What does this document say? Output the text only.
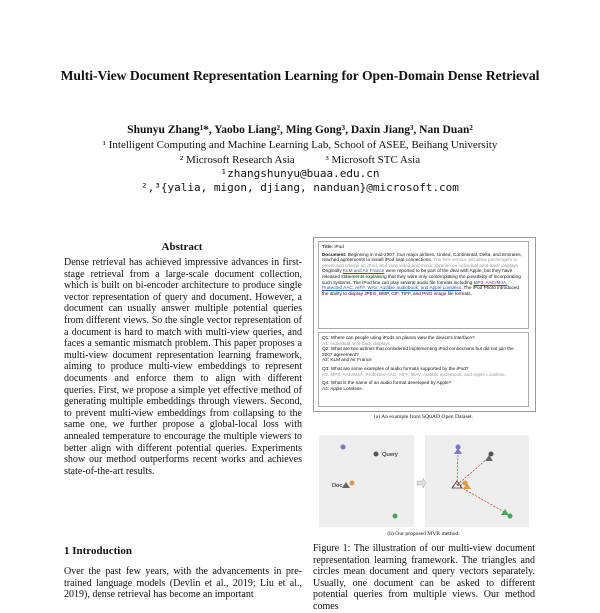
Multi-View Document Representation Learning for Open-Domain Dense Retrieval
Shunyu Zhang¹*, Yaobo Liang², Ming Gong³, Daxin Jiang³, Nan Duan²
¹ Intelligent Computing and Machine Learning Lab, School of ASEE, Beihang University
² Microsoft Research Asia	³ Microsoft STC Asia
¹zhangshunyu@buaa.edu.cn
²,³{yalia, migon, djiang, nanduan}@microsoft.com
Abstract
Dense retrieval has achieved impressive advances in first-stage retrieval from a large-scale document collection, which is built on bi-encoder architecture to produce single vector representation of query and document. However, a document can usually answer multiple potential queries from different views. So the single vector representation of a document is hard to match with multi-view queries, and faces a semantic mismatch problem. This paper proposes a multi-view document representation learning framework, aiming to produce multi-view embeddings to represent documents and enforce them to align with different queries. First, we propose a simple yet effective method of generating multiple embeddings through viewers. Second, to prevent multi-view embeddings from collapsing to the same one, we further propose a global-local loss with annealed temperature to encourage the multiple viewers to better align with different potential queries. Experiments show our method outperforms recent works and achieves state-of-the-art results.
1 Introduction
Over the past few years, with the advancements in pre-trained language models (Devlin et al., 2019; Liu et al., 2019), dense retrieval has become an important
Title: iPod
Document: Beginning in mid-2007, four major airlines, United, Continental, Delta, and Emirates, reached agreements to install iPod seat connections. The free service will allow passengers to power and charge an iPod, and view video and music libraries on individual seat-back displays. Originally KLM and Air France were reported to be part of the deal with Apple, but they have released statements explaining that they were only contemplating the possibility of incorporating such systems. The iPod line can play several audio file formats including MP3, AAC/M4A, Protected AAC, AIFF, WAV, Audible audiobook, and Apple Lossless. The iPod Photo introduced the ability to display JPEG, BMP, GIF, TIFF, and PNG image file formats.
Q1: Where can people using iPods on planes view the device's interface?
A1: Individual seat-back displays
Q2: What are two airlines that considered implementing iPod connections but did not join the 2007 agreement?
A2: KLM and Air France
Q3: What are some examples of audio formats supported by the iPod?
A3: MP3, AAC/M4A, Protected AAC, AIFF, WAV, Audible audiobook, and Apple Lossless.
Q4: What is the name of an audio format developed by Apple?
A4: Apple Lossless.
(a) An example from SQuAD Open Dataset.
Query
Doc
(b) Our proposed MVR method.
Figure 1: The illustration of our multi-view document representation learning framework. The triangles and circles mean document and query vectors separately. Usually, one document can be asked to different potential queries from multiple views. Our method comes
